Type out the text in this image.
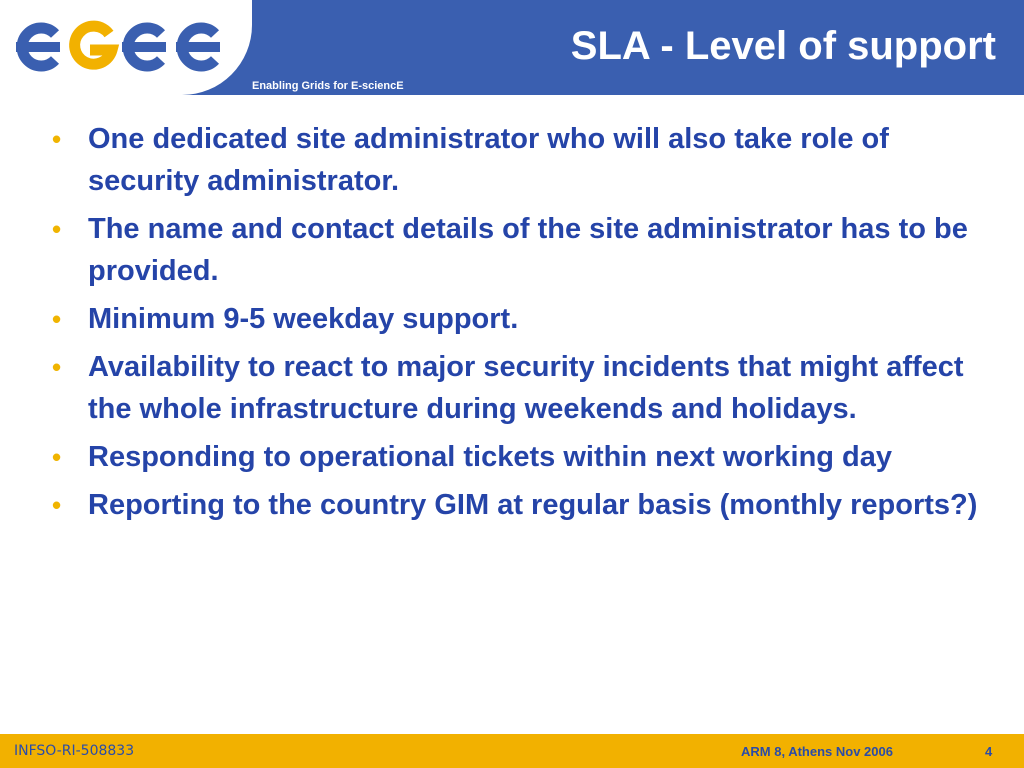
Enabling Grids for E-sciencE
SLA - Level of support
• One dedicated site administrator who will also take role of security administrator.
• The name and contact details of the site administrator has to be provided.
• Minimum 9-5 weekday support.
• Availability to react to major security incidents that might affect the whole infrastructure during weekends and holidays.
• Responding to operational tickets within next working day
• Reporting to the country GIM at regular basis (monthly reports?)
INFSO-RI-508833	ARM 8, Athens Nov 2006	4
